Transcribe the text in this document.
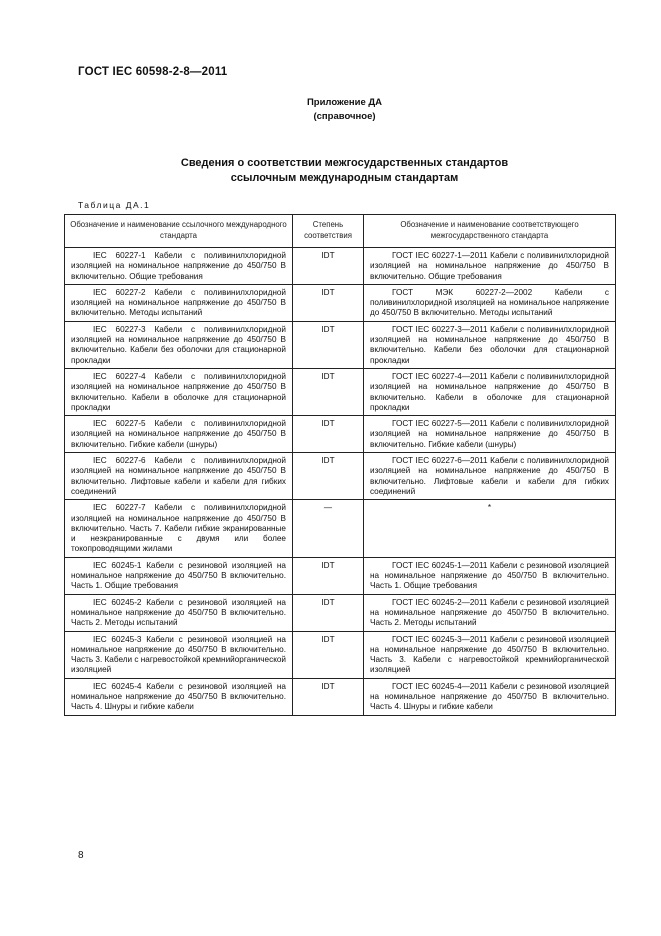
ГОСТ IEC 60598-2-8—2011
Приложение ДА
(справочное)
Сведения о соответствии межгосударственных стандартов
ссылочным международным стандартам
Таблица ДА.1
Обозначение и наименование ссылочного международного стандарта	Степень соответствия	Обозначение и наименование соответствующего межгосударственного стандарта

IEC 60227-1 Кабели с поливинилхлоридной изоляцией на номинальное напряжение до 450/750 В включительно. Общие требования	IDT	ГОСТ IEC 60227-1—2011 Кабели с поливинилхлоридной изоляцией на номинальное напряжение до 450/750 В включительно. Общие требования

IEC 60227-2 Кабели с поливинилхлоридной изоляцией на номинальное напряжение до 450/750 В включительно. Методы испытаний	IDT	ГОСТ МЭК 60227-2—2002 Кабели с поливинилхлоридной изоляцией на номинальное напряжение до 450/750 В включительно. Методы испытаний

IEC 60227-3 Кабели с поливинилхлоридной изоляцией на номинальное напряжение до 450/750 В включительно. Кабели без оболочки для стационарной прокладки	IDT	ГОСТ IEC 60227-3—2011 Кабели с поливинилхлоридной изоляцией на номинальное напряжение до 450/750 В включительно. Кабели без оболочки для стационарной прокладки

IEC 60227-4 Кабели с поливинилхлоридной изоляцией на номинальное напряжение до 450/750 В включительно. Кабели в оболочке для стационарной прокладки	IDT	ГОСТ IEC 60227-4—2011 Кабели с поливинилхлоридной изоляцией на номинальное напряжение до 450/750 В включительно. Кабели в оболочке для стационарной прокладки

IEC 60227-5 Кабели с поливинилхлоридной изоляцией на номинальное напряжение до 450/750 В включительно. Гибкие кабели (шнуры)	IDT	ГОСТ IEC 60227-5—2011 Кабели с поливинилхлоридной изоляцией на номинальное напряжение до 450/750 В включительно. Гибкие кабели (шнуры)

IEC 60227-6 Кабели с поливинилхлоридной изоляцией на номинальное напряжение до 450/750 В включительно. Лифтовые кабели и кабели для гибких соединений	IDT	ГОСТ IEC 60227-6—2011 Кабели с поливинилхлоридной изоляцией на номинальное напряжение до 450/750 В включительно. Лифтовые кабели и кабели для гибких соединений

IEC 60227-7 Кабели с поливинилхлоридной изоляцией на номинальное напряжение до 450/750 В включительно. Часть 7. Кабели гибкие экранированные и неэкранированные с двумя или более токопроводящими жилами	—	*

IEC 60245-1 Кабели с резиновой изоляцией на номинальное напряжение до 450/750 В включительно. Часть 1. Общие требования	IDT	ГОСТ IEC 60245-1—2011 Кабели с резиновой изоляцией на номинальное напряжение до 450/750 В включительно. Часть 1. Общие требования

IEC 60245-2 Кабели с резиновой изоляцией на номинальное напряжение до 450/750 В включительно. Часть 2. Методы испытаний	IDT	ГОСТ IEC 60245-2—2011 Кабели с резиновой изоляцией на номинальное напряжение до 450/750 В включительно. Часть 2. Методы испытаний

IEC 60245-3 Кабели с резиновой изоляцией на номинальное напряжение до 450/750 В включительно. Часть 3. Кабели с нагревостойкой кремнийорганической изоляцией	IDT	ГОСТ IEC 60245-3—2011 Кабели с резиновой изоляцией на номинальное напряжение до 450/750 В включительно. Часть 3. Кабели с нагревостойкой кремнийорганической изоляцией

IEC 60245-4 Кабели с резиновой изоляцией на номинальное напряжение до 450/750 В включительно. Часть 4. Шнуры и гибкие кабели	IDT	ГОСТ IEC 60245-4—2011 Кабели с резиновой изоляцией на номинальное напряжение до 450/750 В включительно. Часть 4. Шнуры и гибкие кабели
8
